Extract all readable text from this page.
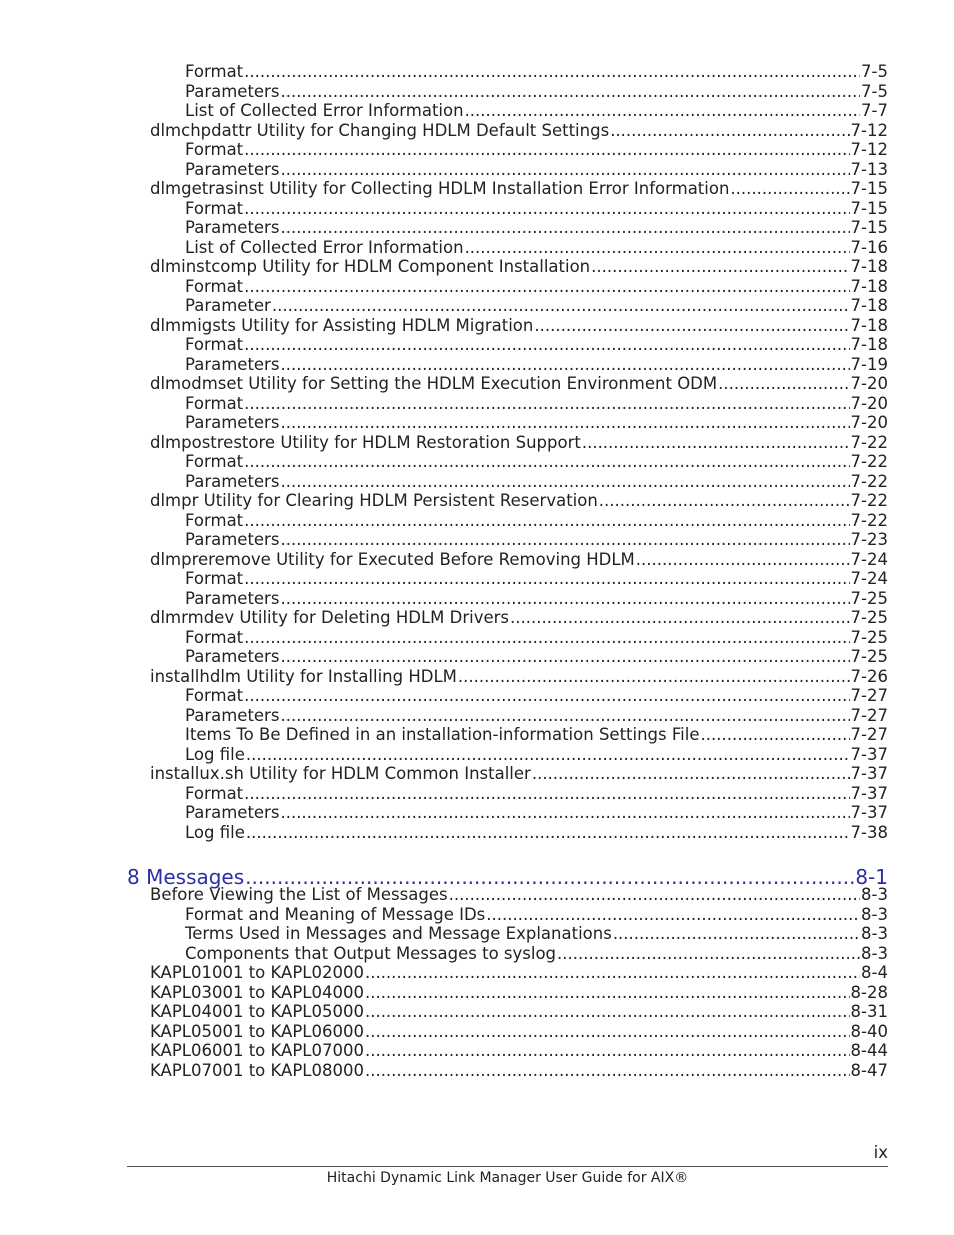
Format .....	7-5
Parameters .....	7-5
List of Collected Error Information .....	7-7
dlmchpdattr Utility for Changing HDLM Default Settings .....	7-12
Format .....	7-12
Parameters .....	7-13
dlmgetrasinst Utility for Collecting HDLM Installation Error Information .....	7-15
Format .....	7-15
Parameters .....	7-15
List of Collected Error Information .....	7-16
dlminstcomp Utility for HDLM Component Installation .....	7-18
Format .....	7-18
Parameter .....	7-18
dlmmigsts Utility for Assisting HDLM Migration .....	7-18
Format .....	7-18
Parameters .....	7-19
dlmodmset Utility for Setting the HDLM Execution Environment ODM .....	7-20
Format .....	7-20
Parameters .....	7-20
dlmpostrestore Utility for HDLM Restoration Support .....	7-22
Format .....	7-22
Parameters .....	7-22
dlmpr Utility for Clearing HDLM Persistent Reservation .....	7-22
Format .....	7-22
Parameters .....	7-23
dlmpreremove Utility for Executed Before Removing HDLM .....	7-24
Format .....	7-24
Parameters .....	7-25
dlmrmdev Utility for Deleting HDLM Drivers .....	7-25
Format .....	7-25
Parameters .....	7-25
installhdlm Utility for Installing HDLM .....	7-26
Format .....	7-27
Parameters .....	7-27
Items To Be Defined in an installation-information Settings File .....	7-27
Log file .....	7-37
installux.sh Utility for HDLM Common Installer .....	7-37
Format .....	7-37
Parameters .....	7-37
Log file .....	7-38
8 Messages .....	8-1
Before Viewing the List of Messages .....	8-3
Format and Meaning of Message IDs .....	8-3
Terms Used in Messages and Message Explanations .....	8-3
Components that Output Messages to syslog .....	8-3
KAPL01001 to KAPL02000 .....	8-4
KAPL03001 to KAPL04000 .....	8-28
KAPL04001 to KAPL05000 .....	8-31
KAPL05001 to KAPL06000 .....	8-40
KAPL06001 to KAPL07000 .....	8-44
KAPL07001 to KAPL08000 .....	8-47
ix
Hitachi Dynamic Link Manager User Guide for AIX®
